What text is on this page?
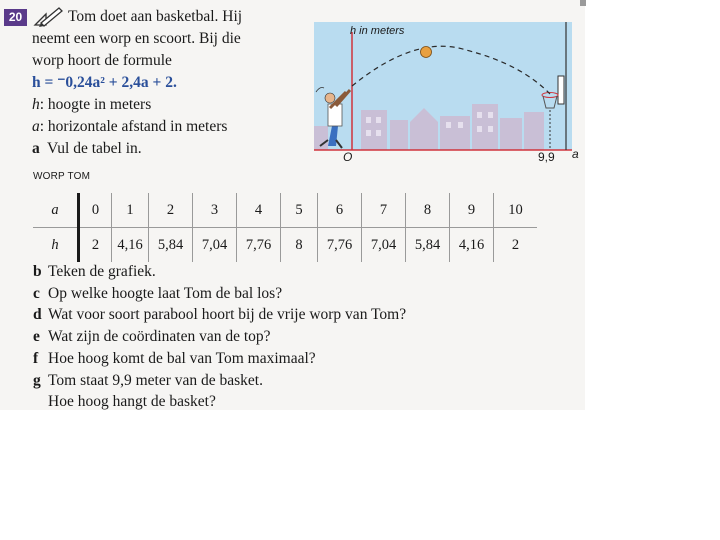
20	Tom doet aan basketbal. Hij
neemt een worp en scoort. Bij die
worp hoort de formule
h = ⁻0,24a² + 2,4a + 2.
h: hoogte in meters
a: horizontale afstand in meters
a Vul de tabel in.
h in meters
O	9,9 a
WORP TOM
a	0	1	2	3	4	5	6	7	8	9	10
h	2	4,16	5,84	7,04	7,76	8	7,76	7,04	5,84	4,16	2
b Teken de grafiek.
c Op welke hoogte laat Tom de bal los?
d Wat voor soort parabool hoort bij de vrije worp van Tom?
e Wat zijn de coördinaten van de top?
f Hoe hoog komt de bal van Tom maximaal?
g Tom staat 9,9 meter van de basket.
Hoe hoog hangt de basket?
